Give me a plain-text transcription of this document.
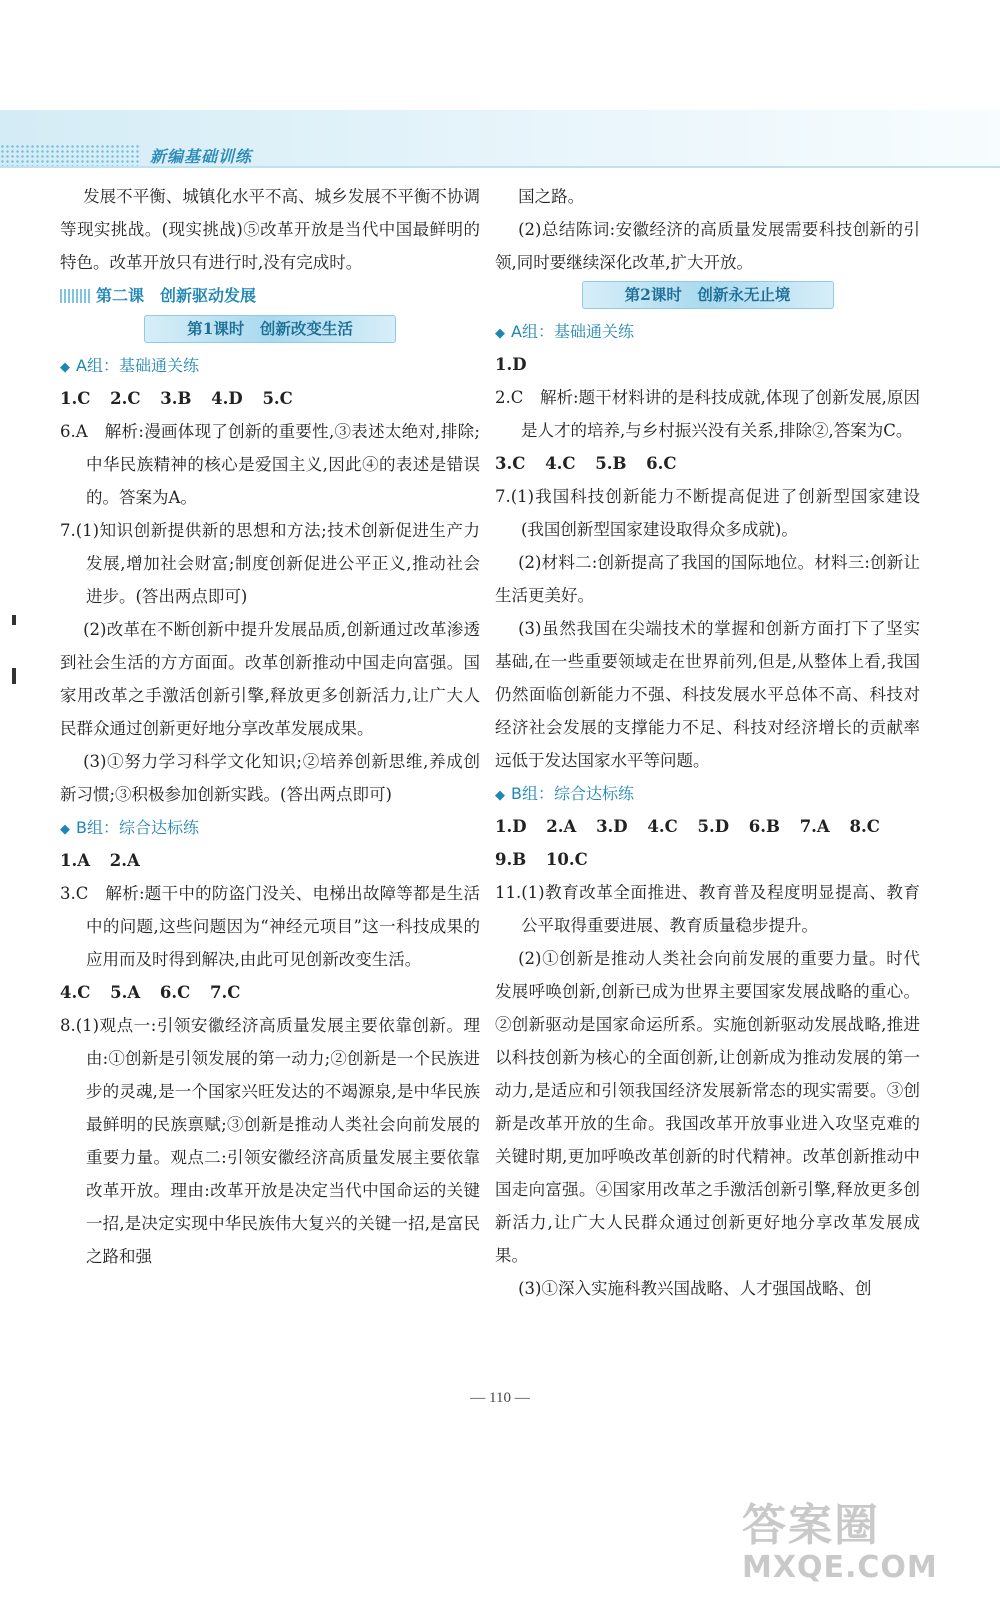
新编基础训练

发展不平衡、城镇化水平不高、城乡发展不平衡不协调等现实挑战。(现实挑战)⑤改革开放是当代中国最鲜明的特色。改革开放只有进行时,没有完成时。

第二课　创新驱动发展
第1课时　创新改变生活
◆ A组：基础通关练
1.C 2.C 3.B 4.D 5.C

6.A　解析:漫画体现了创新的重要性,③表述太绝对,排除;中华民族精神的核心是爱国主义,因此④的表述是错误的。答案为A。

7.(1)知识创新提供新的思想和方法;技术创新促进生产力发展,增加社会财富;制度创新促进公平正义,推动社会进步。(答出两点即可)

(2)改革在不断创新中提升发展品质,创新通过改革渗透到社会生活的方方面面。改革创新推动中国走向富强。国家用改革之手激活创新引擎,释放更多创新活力,让广大人民群众通过创新更好地分享改革发展成果。

(3)①努力学习科学文化知识;②培养创新思维,养成创新习惯;③积极参加创新实践。(答出两点即可)

◆ B组：综合达标练
1.A 2.A

3.C　解析:题干中的防盗门没关、电梯出故障等都是生活中的问题,这些问题因为“神经元项目”这一科技成果的应用而及时得到解决,由此可见创新改变生活。

4.C 5.A 6.C 7.C

8.(1)观点一:引领安徽经济高质量发展主要依靠创新。理由:①创新是引领发展的第一动力;②创新是一个民族进步的灵魂,是一个国家兴旺发达的不竭源泉,是中华民族最鲜明的民族禀赋;③创新是推动人类社会向前发展的重要力量。观点二:引领安徽经济高质量发展主要依靠改革开放。理由:改革开放是决定当代中国命运的关键一招,是决定实现中华民族伟大复兴的关键一招,是富民之路和强

国之路。

(2)总结陈词:安徽经济的高质量发展需要科技创新的引领,同时要继续深化改革,扩大开放。

第2课时　创新永无止境
◆ A组：基础通关练

1.D

2.C　解析:题干材料讲的是科技成就,体现了创新发展,原因是人才的培养,与乡村振兴没有关系,排除②,答案为C。

3.C 4.C 5.B 6.C

7.(1)我国科技创新能力不断提高促进了创新型国家建设(我国创新型国家建设取得众多成就)。

(2)材料二:创新提高了我国的国际地位。材料三:创新让生活更美好。

(3)虽然我国在尖端技术的掌握和创新方面打下了坚实基础,在一些重要领域走在世界前列,但是,从整体上看,我国仍然面临创新能力不强、科技发展水平总体不高、科技对经济社会发展的支撑能力不足、科技对经济增长的贡献率远低于发达国家水平等问题。

◆ B组：综合达标练
1.D 2.A 3.D 4.C 5.D 6.B 7.A 8.C
9.B 10.C

11.(1)教育改革全面推进、教育普及程度明显提高、教育公平取得重要进展、教育质量稳步提升。

(2)①创新是推动人类社会向前发展的重要力量。时代发展呼唤创新,创新已成为世界主要国家发展战略的重心。②创新驱动是国家命运所系。实施创新驱动发展战略,推进以科技创新为核心的全面创新,让创新成为推动发展的第一动力,是适应和引领我国经济发展新常态的现实需要。③创新是改革开放的生命。我国改革开放事业进入攻坚克难的关键时期,更加呼唤改革创新的时代精神。改革创新推动中国走向富强。④国家用改革之手激活创新引擎,释放更多创新活力,让广大人民群众通过创新更好地分享改革发展成果。

(3)①深入实施科教兴国战略、人才强国战略、创

— 110 —
答案圈
MXQE.COM
